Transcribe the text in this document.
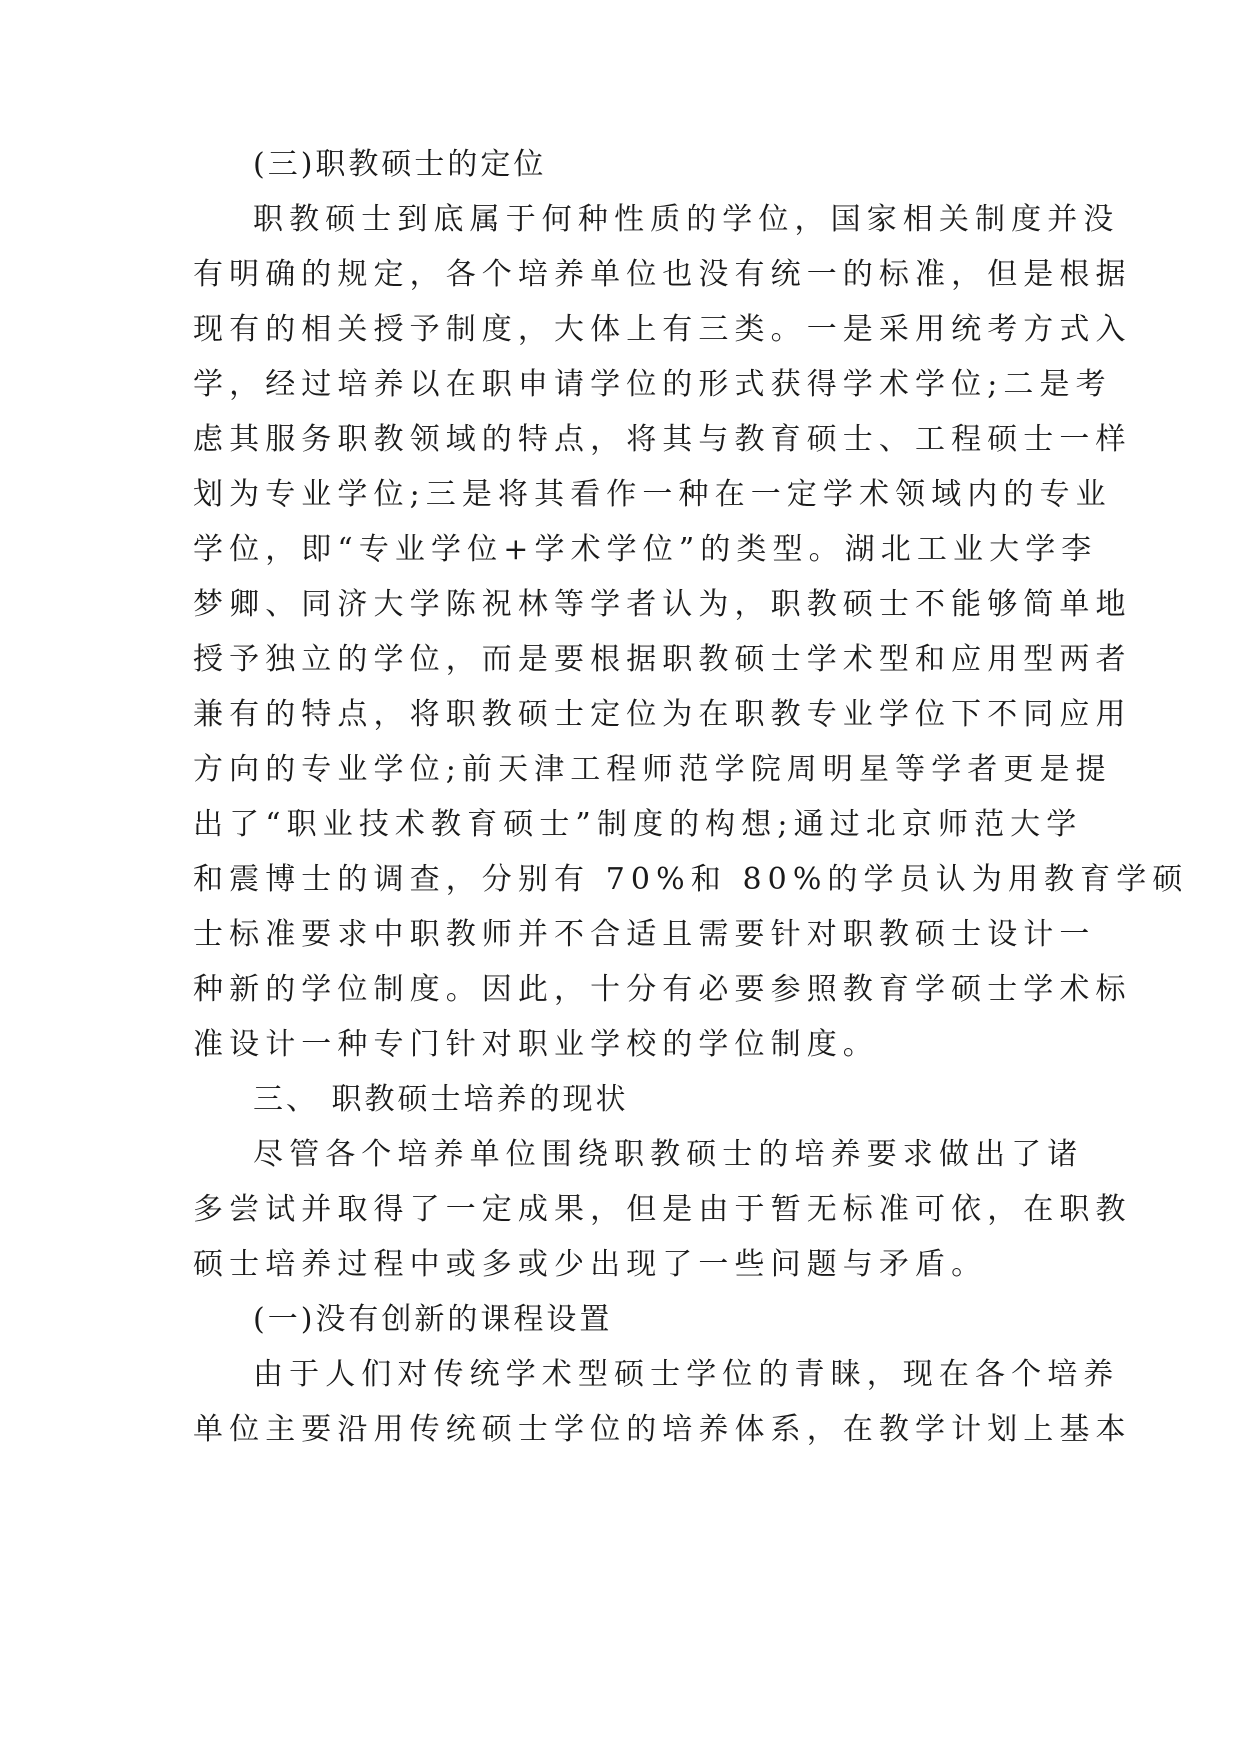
(三)职教硕士的定位
职教硕士到底属于何种性质的学位，国家相关制度并没
有明确的规定，各个培养单位也没有统一的标准，但是根据
现有的相关授予制度，大体上有三类。一是采用统考方式入
学，经过培养以在职申请学位的形式获得学术学位;二是考
虑其服务职教领域的特点，将其与教育硕士、工程硕士一样
划为专业学位;三是将其看作一种在一定学术领域内的专业
学位，即“专业学位+学术学位”的类型。湖北工业大学李
梦卿、同济大学陈祝林等学者认为，职教硕士不能够简单地
授予独立的学位，而是要根据职教硕士学术型和应用型两者
兼有的特点，将职教硕士定位为在职教专业学位下不同应用
方向的专业学位;前天津工程师范学院周明星等学者更是提
出了“职业技术教育硕士”制度的构想;通过北京师范大学
和震博士的调查，分别有 70%和 80%的学员认为用教育学硕
士标准要求中职教师并不合适且需要针对职教硕士设计一
种新的学位制度。因此，十分有必要参照教育学硕士学术标
准设计一种专门针对职业学校的学位制度。
三、 职教硕士培养的现状
尽管各个培养单位围绕职教硕士的培养要求做出了诸
多尝试并取得了一定成果，但是由于暂无标准可依，在职教
硕士培养过程中或多或少出现了一些问题与矛盾。
(一)没有创新的课程设置
由于人们对传统学术型硕士学位的青睐，现在各个培养
单位主要沿用传统硕士学位的培养体系，在教学计划上基本
